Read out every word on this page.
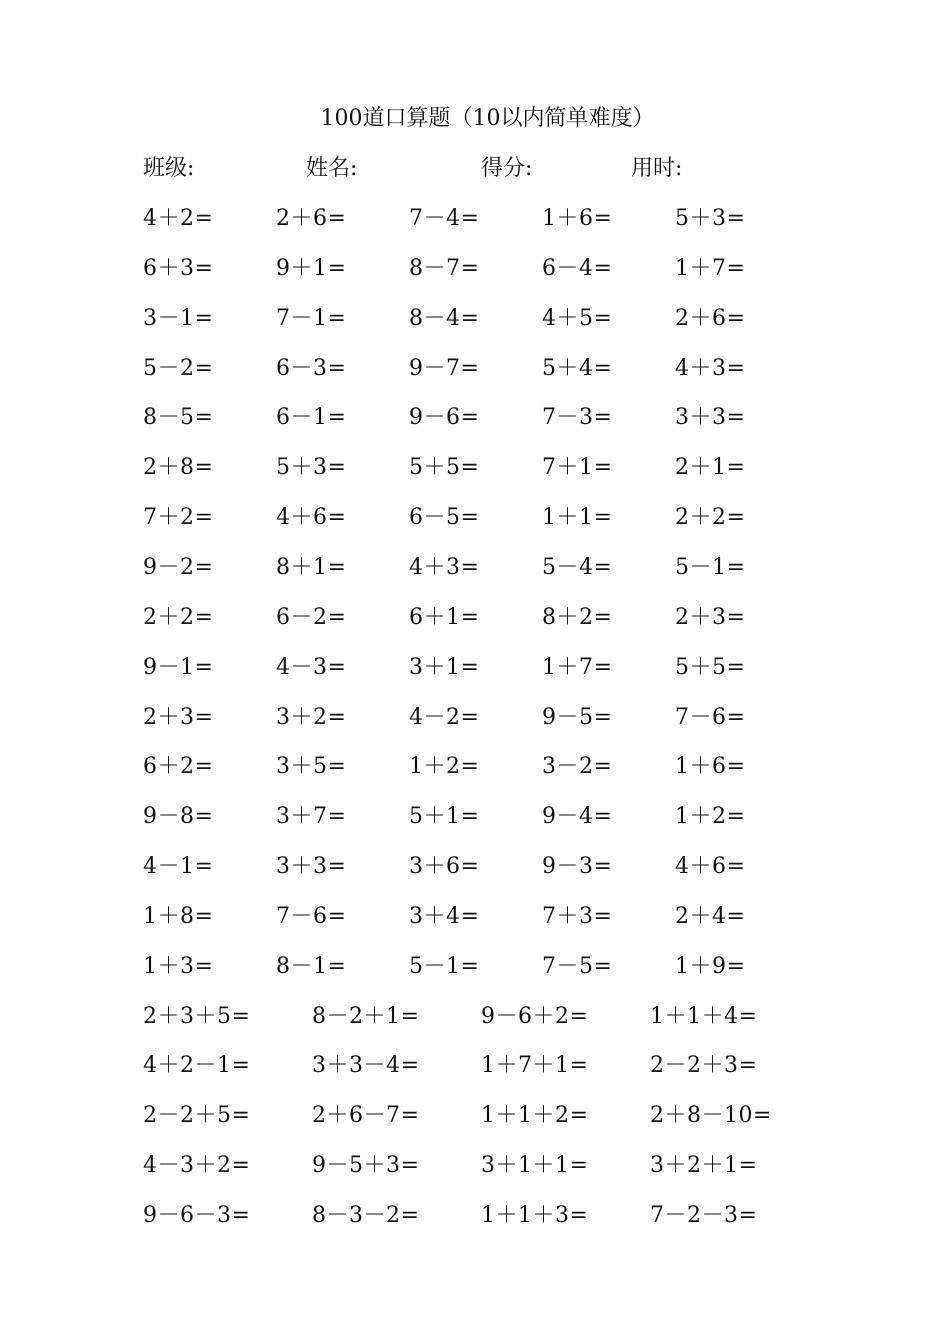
100道口算题（10以内简单难度）
班级:	姓名:	得分:	用时:
4＋2=	2＋6=	7－4=	1＋6=	5＋3=
6＋3=	9＋1=	8－7=	6－4=	1＋7=
3－1=	7－1=	8－4=	4＋5=	2＋6=
5－2=	6－3=	9－7=	5＋4=	4＋3=
8－5=	6－1=	9－6=	7－3=	3＋3=
2＋8=	5＋3=	5＋5=	7＋1=	2＋1=
7＋2=	4＋6=	6－5=	1＋1=	2＋2=
9－2=	8＋1=	4＋3=	5－4=	5－1=
2＋2=	6－2=	6＋1=	8＋2=	2＋3=
9－1=	4－3=	3＋1=	1＋7=	5＋5=
2＋3=	3＋2=	4－2=	9－5=	7－6=
6＋2=	3＋5=	1＋2=	3－2=	1＋6=
9－8=	3＋7=	5＋1=	9－4=	1＋2=
4－1=	3＋3=	3＋6=	9－3=	4＋6=
1＋8=	7－6=	3＋4=	7＋3=	2＋4=
1＋3=	8－1=	5－1=	7－5=	1＋9=
2＋3＋5=	8－2＋1=	9－6＋2=	1＋1＋4=
4＋2－1=	3＋3－4=	1＋7＋1=	2－2＋3=
2－2＋5=	2＋6－7=	1＋1＋2=	2＋8－10=
4－3＋2=	9－5＋3=	3＋1＋1=	3＋2＋1=
9－6－3=	8－3－2=	1＋1＋3=	7－2－3=
